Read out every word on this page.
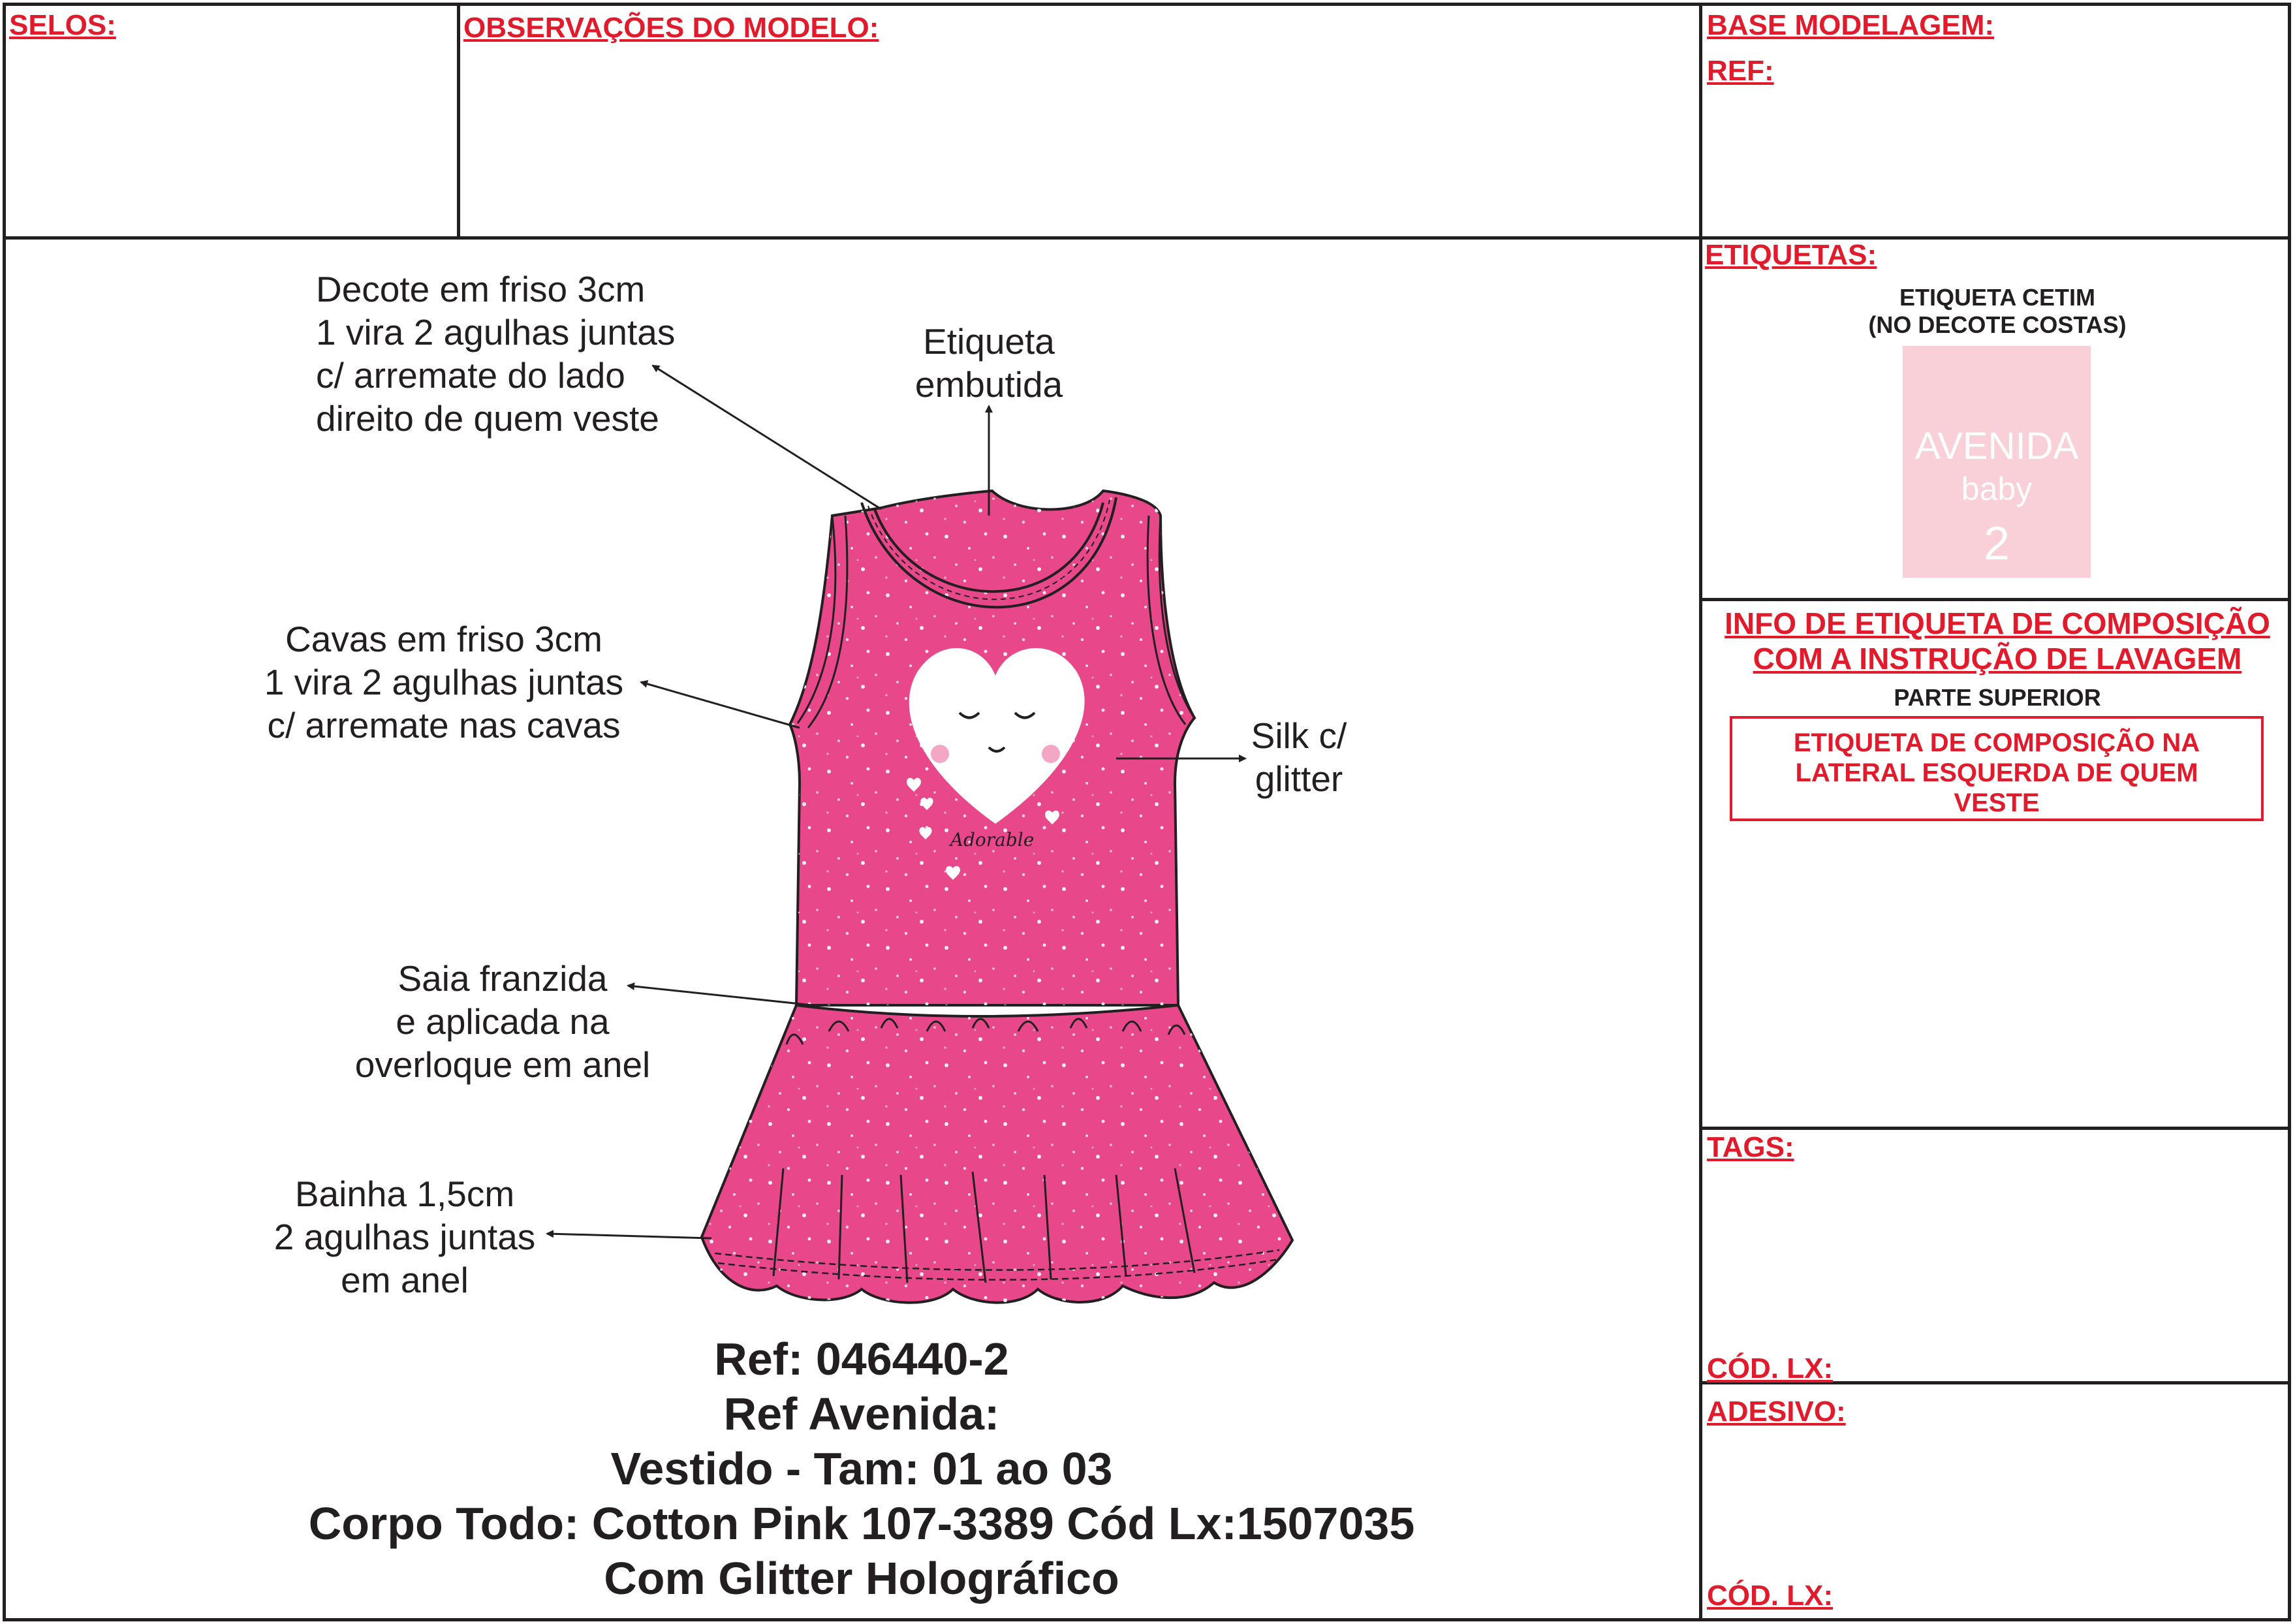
SELOS:	OBSERVAÇÕES DO MODELO:	BASE MODELAGEM:
REF:
ETIQUETAS:
ETIQUETA CETIM
(NO DECOTE COSTAS)
AVENIDA
baby
2
INFO DE ETIQUETA DE COMPOSIÇÃO
COM A INSTRUÇÃO DE LAVAGEM
PARTE SUPERIOR
ETIQUETA DE COMPOSIÇÃO NA
LATERAL ESQUERDA DE QUEM
VESTE
TAGS:
CÓD. LX:
ADESIVO:
CÓD. LX:
Adorable
Decote em friso 3cm
1 vira 2 agulhas juntas
c/ arremate do lado
direito de quem veste
Etiqueta
embutida
Cavas em friso 3cm
1 vira 2 agulhas juntas
c/ arremate nas cavas	Silk c/
glitter
Saia franzida
e aplicada na
overloque em anel
Bainha 1,5cm
2 agulhas juntas
em anel
Ref: 046440-2
Ref Avenida:
Vestido - Tam: 01 ao 03
Corpo Todo: Cotton Pink 107-3389 Cód Lx:1507035
Com Glitter Holográfico
